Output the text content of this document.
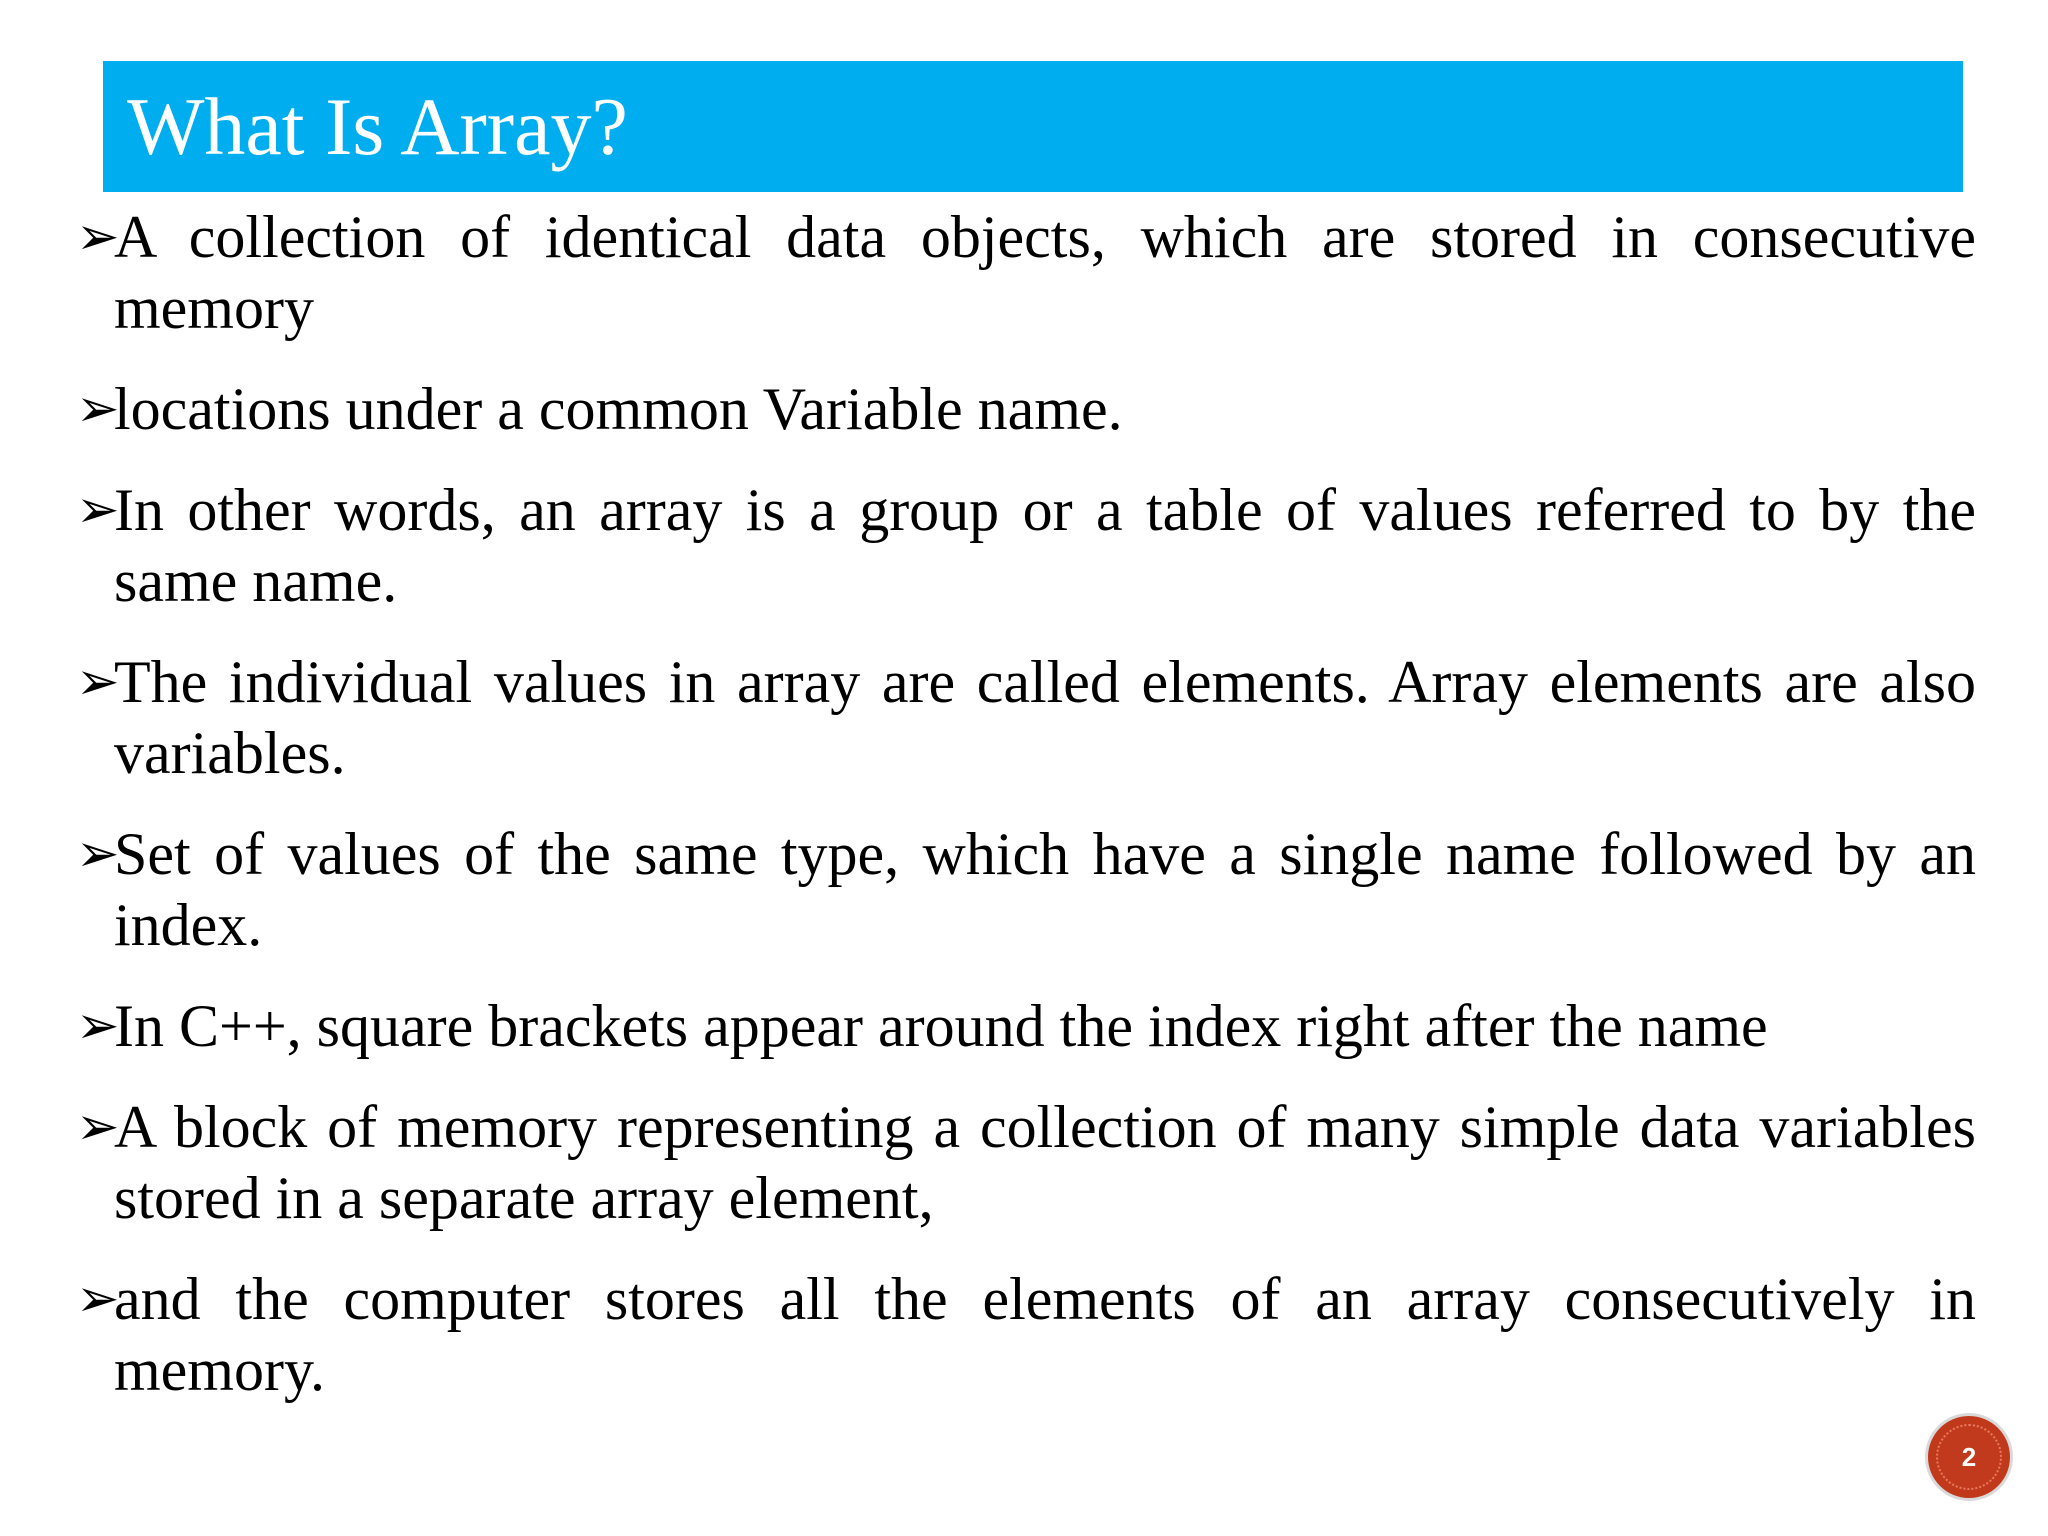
What Is Array?
➢
A collection of identical data objects, which are stored in consecutive memory
➢
locations under a common Variable name.
➢
In other words, an array is a group or a table of values referred to by the same name.
➢
The individual values in array are called elements. Array elements are also variables.
➢
Set of values of the same type, which have a single name followed by an index.
➢
In C++, square brackets appear around the index right after the name
➢
A block of memory representing a collection of many simple data variables stored in a separate array element,
➢
and the computer stores all the elements of an array consecutively in memory.
2
